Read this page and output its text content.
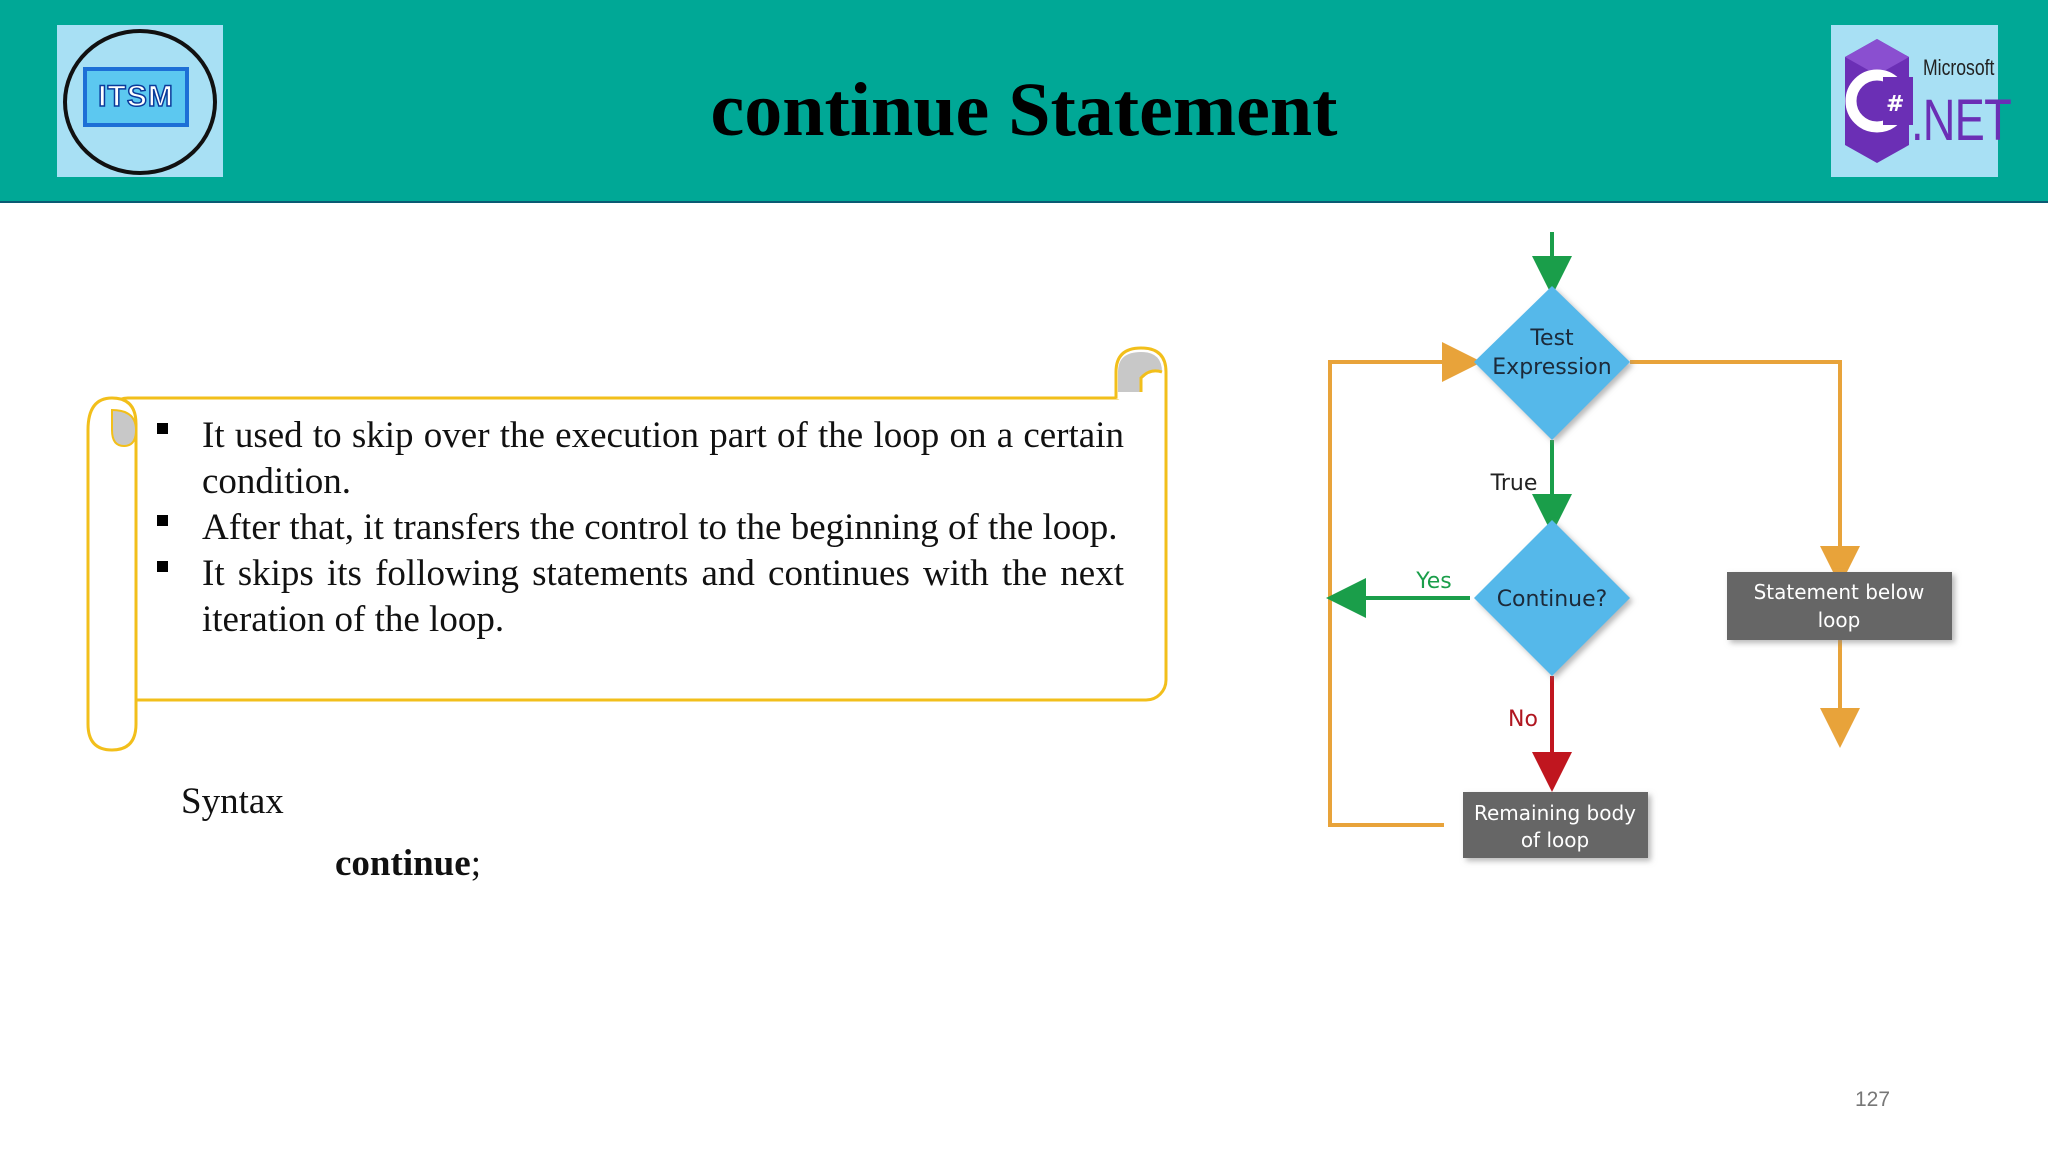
ITSM	continue Statement	#
Microsoft
.NET
It used to skip over the execution part of the loop on a certain condition.
After that, it transfers the control to the beginning of the loop.
It skips its following statements and continues with the next iteration of the loop.
Syntax
continue;
Test
Expression
True
Continue?
Yes
No
Remaining body
of loop
Statement below
loop
127
